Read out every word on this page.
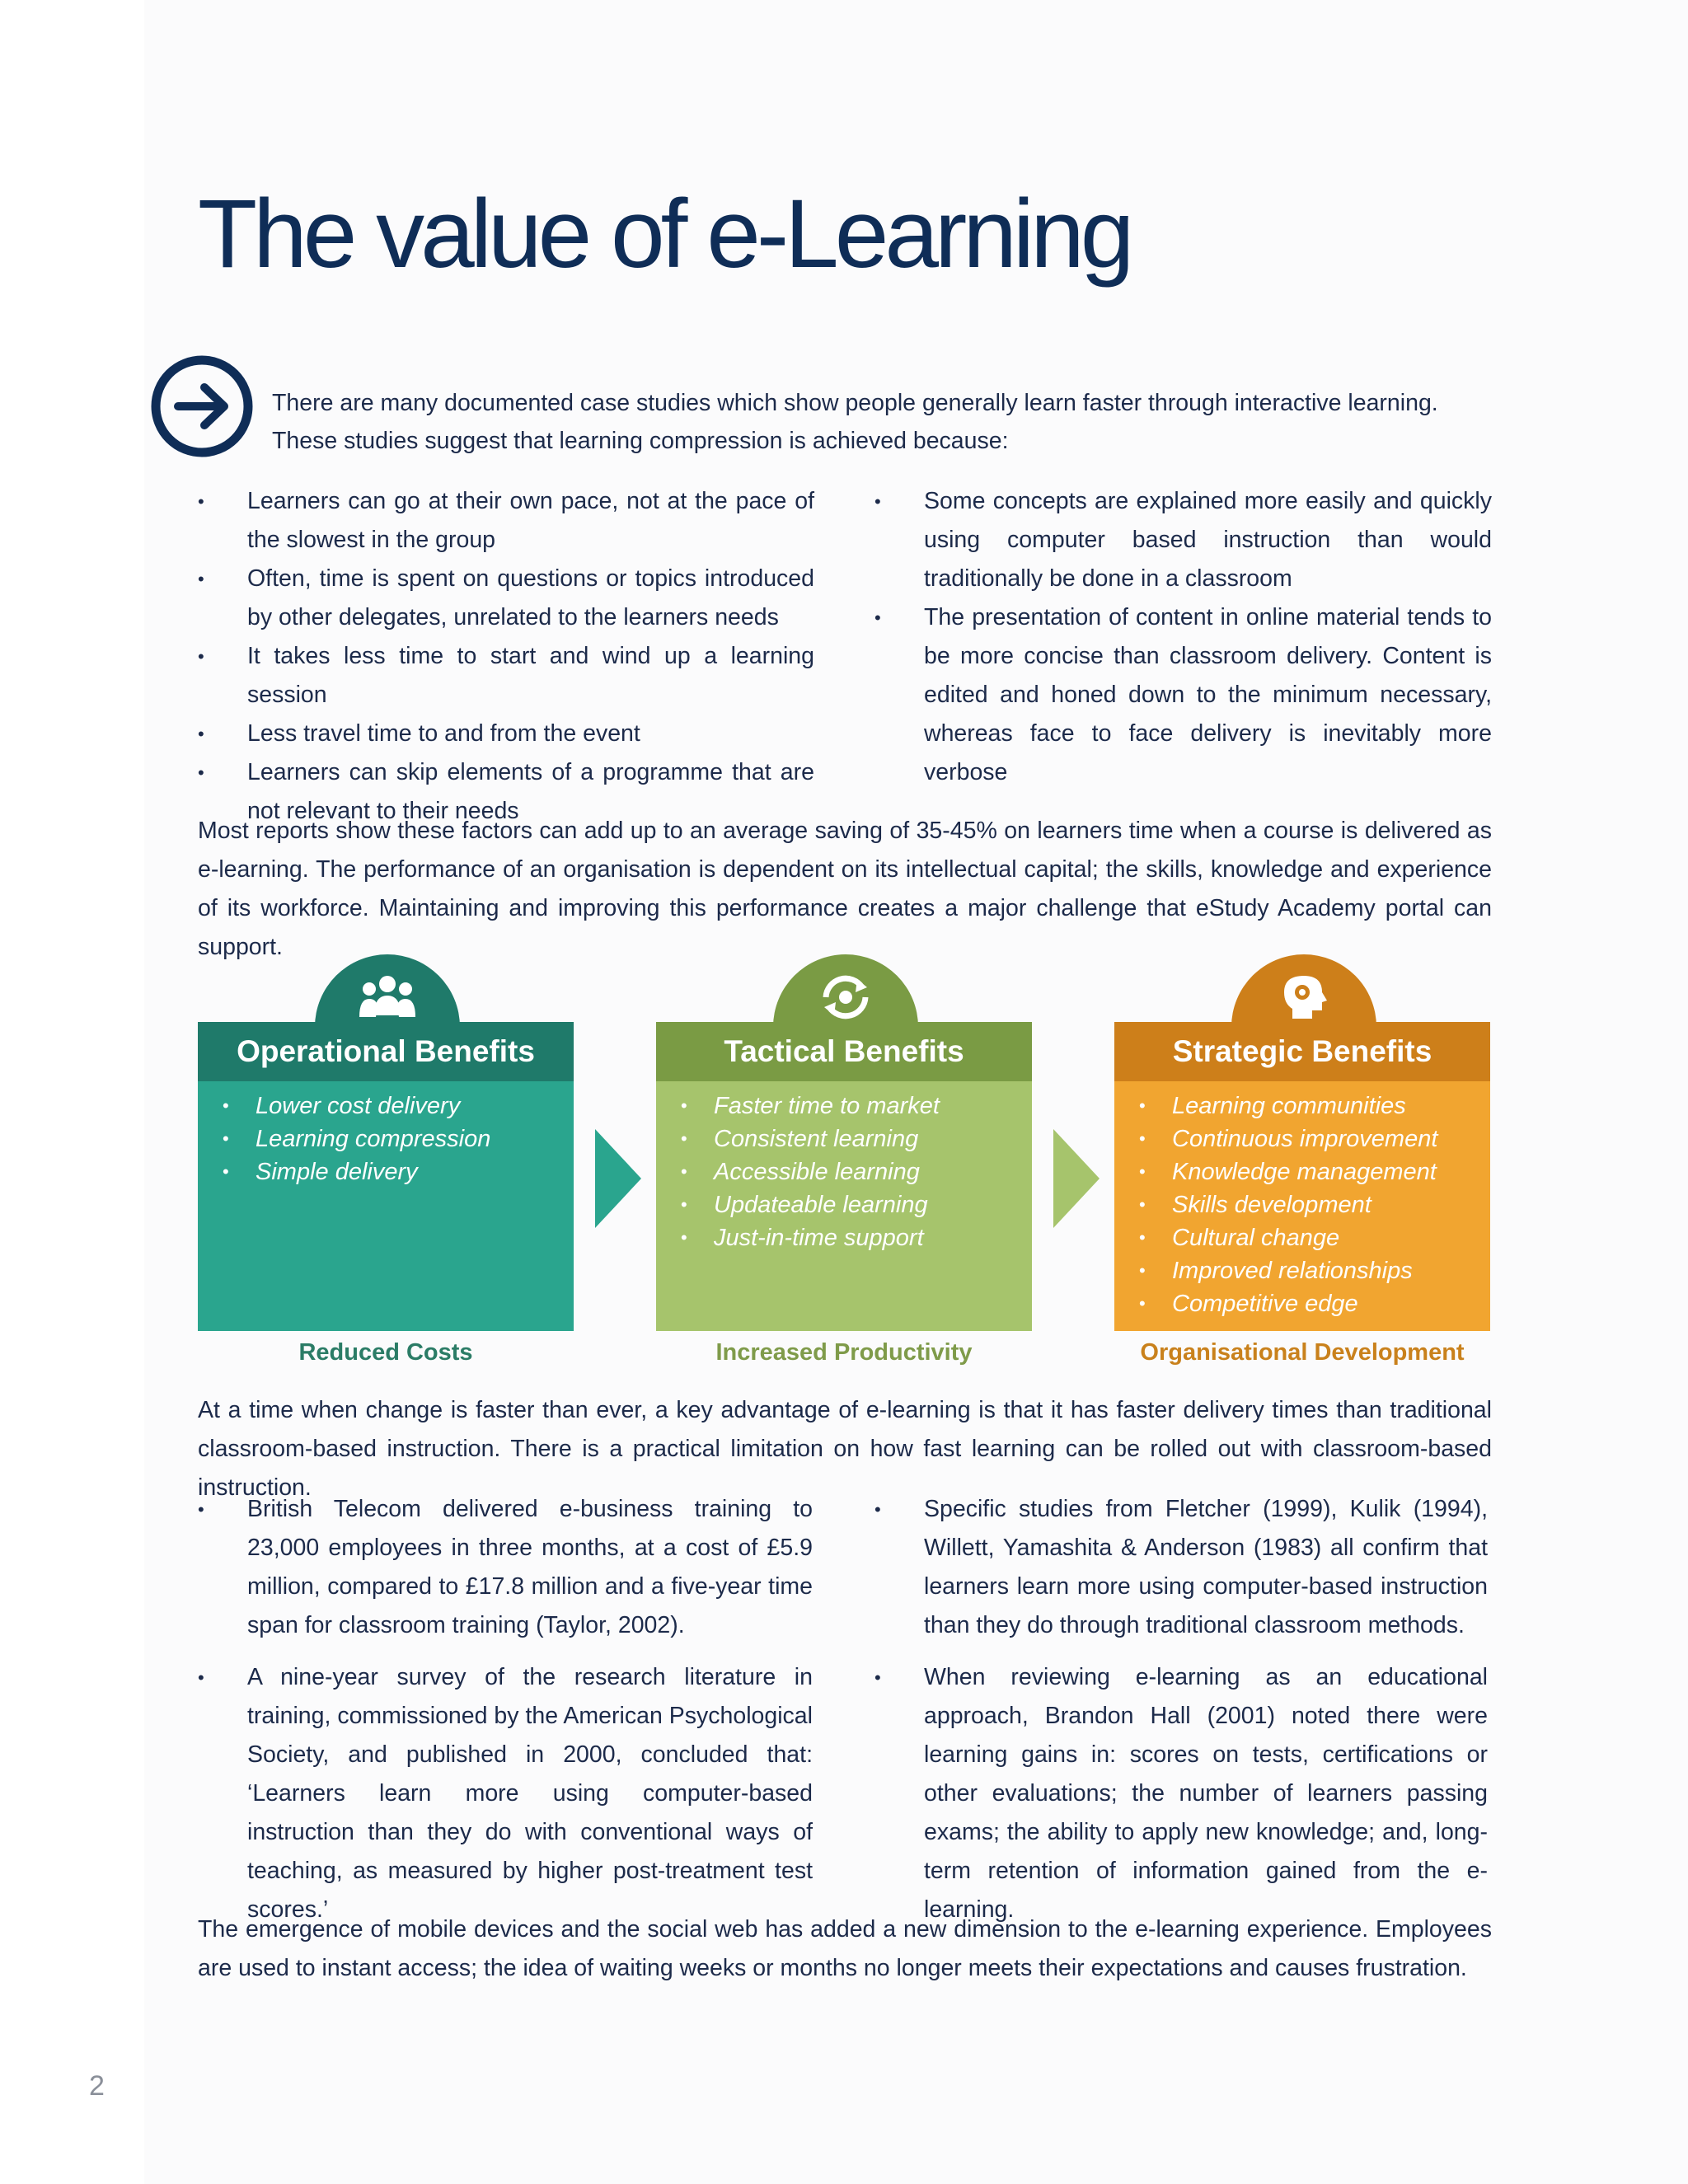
The value of e-Learning

There are many documented case studies which show people generally learn faster through interactive learning. These studies suggest that learning compression is achieved because:

• Learners can go at their own pace, not at the pace of the slowest in the group
• Often, time is spent on questions or topics introduced by other delegates, unrelated to the learners needs
• It takes less time to start and wind up a learning session
• Less travel time to and from the event
• Learners can skip elements of a programme that are not relevant to their needs
• Some concepts are explained more easily and quickly using computer based instruction than would traditionally be done in a classroom
• The presentation of content in online material tends to be more concise than classroom delivery. Content is edited and honed down to the minimum necessary, whereas face to face delivery is inevitably more verbose

Most reports show these factors can add up to an average saving of 35-45% on learners time when a course is delivered as e-learning. The performance of an organisation is dependent on its intellectual capital; the skills, knowledge and experience of its workforce. Maintaining and improving this performance creates a major challenge that eStudy Academy portal can support.

Operational Benefits
• Lower cost delivery
• Learning compression
• Simple delivery
Tactical Benefits
• Faster time to market
• Consistent learning
• Accessible learning
• Updateable learning
• Just-in-time support
Strategic Benefits
• Learning communities
• Continuous improvement
• Knowledge management
• Skills development
• Cultural change
• Improved relationships
• Competitive edge
Reduced Costs	Increased Productivity	Organisational Development

At a time when change is faster than ever, a key advantage of e-learning is that it has faster delivery times than traditional classroom-based instruction. There is a practical limitation on how fast learning can be rolled out with classroom-based instruction.

• British Telecom delivered e-business training to 23,000 employees in three months, at a cost of £5.9 million, compared to £17.8 million and a five-year time span for classroom training (Taylor, 2002).
• A nine-year survey of the research literature in training, commissioned by the American Psychological Society, and published in 2000, concluded that: ‘Learners learn more using computer-based instruction than they do with conventional ways of teaching, as measured by higher post-treatment test scores.’
• Specific studies from Fletcher (1999), Kulik (1994), Willett, Yamashita & Anderson (1983) all confirm that learners learn more using computer-based instruction than they do through traditional classroom methods.
• When reviewing e-learning as an educational approach, Brandon Hall (2001) noted there were learning gains in: scores on tests, certifications or other evaluations; the number of learners passing exams; the ability to apply new knowledge; and, long-term retention of information gained from the e-learning.

The emergence of mobile devices and the social web has added a new dimension to the e-learning experience. Employees are used to instant access; the idea of waiting weeks or months no longer meets their expectations and causes frustration.

2
